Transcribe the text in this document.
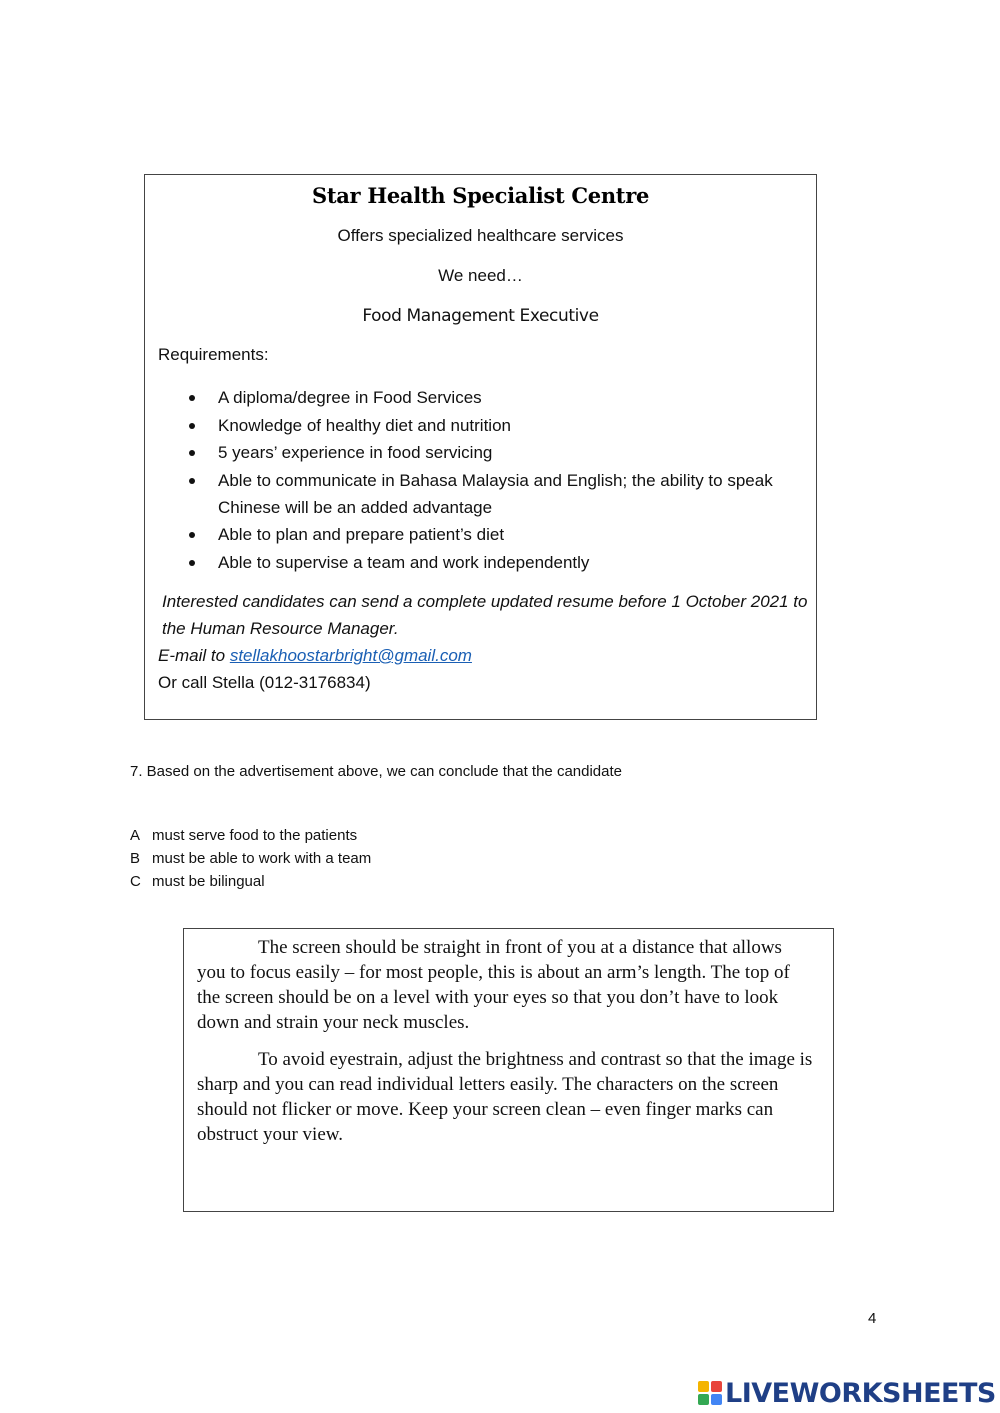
Star Health Specialist Centre
Offers specialized healthcare services
We need…
Food Management Executive
Requirements:
A diploma/degree in Food Services
Knowledge of healthy diet and nutrition
5 years’ experience in food servicing
Able to communicate in Bahasa Malaysia and English; the ability to speak Chinese will be an added advantage
Able to plan and prepare patient’s diet
Able to supervise a team and work independently
Interested candidates can send a complete updated resume before 1 October 2021 to the Human Resource Manager.
E-mail to stellakhoostarbright@gmail.com
Or call Stella (012-3176834)
7. Based on the advertisement above, we can conclude that the candidate
A must serve food to the patients
B must be able to work with a team
C must be bilingual

The screen should be straight in front of you at a distance that allows you to focus easily – for most people, this is about an arm’s length. The top of the screen should be on a level with your eyes so that you don’t have to look down and strain your neck muscles.

To avoid eyestrain, adjust the brightness and contrast so that the image is sharp and you can read individual letters easily. The characters on the screen should not flicker or move. Keep your screen clean – even finger marks can obstruct your view.

4
LIVEWORKSHEETS
